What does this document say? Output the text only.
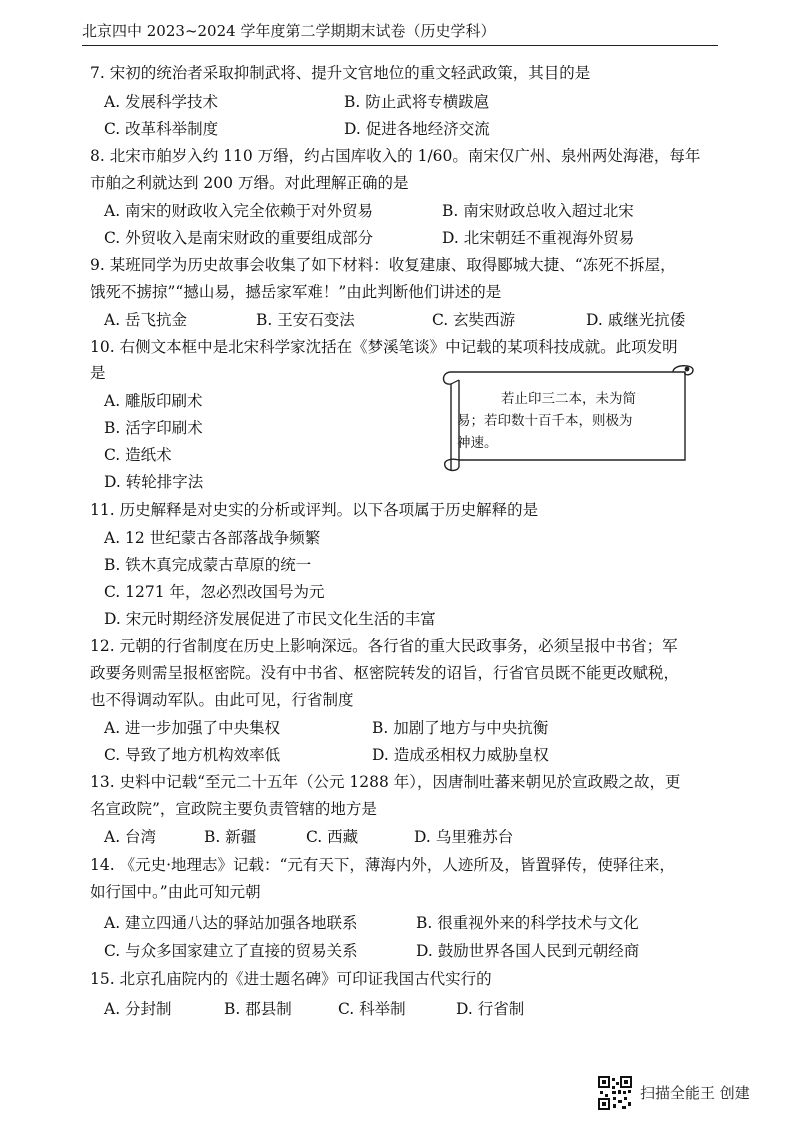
北京四中 2023~2024 学年度第二学期期末试卷（历史学科）
7. 宋初的统治者采取抑制武将、提升文官地位的重文轻武政策，其目的是
A. 发展科学技术	B. 防止武将专横跋扈
C. 改革科举制度	D. 促进各地经济交流
8. 北宋市舶岁入约 110 万缗，约占国库收入的 1/60。南宋仅广州、泉州两处海港，每年
市舶之利就达到 200 万缗。对此理解正确的是
A. 南宋的财政收入完全依赖于对外贸易	B. 南宋财政总收入超过北宋
C. 外贸收入是南宋财政的重要组成部分	D. 北宋朝廷不重视海外贸易
9. 某班同学为历史故事会收集了如下材料：收复建康、取得郾城大捷、“冻死不拆屋，
饿死不掳掠”“撼山易，撼岳家军难！”由此判断他们讲述的是
A. 岳飞抗金	B. 王安石变法	C. 玄奘西游	D. 戚继光抗倭
10. 右侧文本框中是北宋科学家沈括在《梦溪笔谈》中记载的某项科技成就。此项发明
是
A. 雕版印刷术
B. 活字印刷术
C. 造纸术
D. 转轮排字法
若止印三二本，未为简
易；若印数十百千本，则极为
神速。
11. 历史解释是对史实的分析或评判。以下各项属于历史解释的是
A. 12 世纪蒙古各部落战争频繁
B. 铁木真完成蒙古草原的统一
C. 1271 年，忽必烈改国号为元
D. 宋元时期经济发展促进了市民文化生活的丰富
12. 元朝的行省制度在历史上影响深远。各行省的重大民政事务，必须呈报中书省；军
政要务则需呈报枢密院。没有中书省、枢密院转发的诏旨，行省官员既不能更改赋税，
也不得调动军队。由此可见，行省制度
A. 进一步加强了中央集权	B. 加剧了地方与中央抗衡
C. 导致了地方机构效率低	D. 造成丞相权力威胁皇权
13. 史料中记载“至元二十五年（公元 1288 年），因唐制吐蕃来朝见於宣政殿之故，更
名宣政院”，宣政院主要负责管辖的地方是
A. 台湾	B. 新疆	C. 西藏	D. 乌里雅苏台
14. 《元史·地理志》记载：“元有天下，薄海内外，人迹所及，皆置驿传，使驿往来，
如行国中。”由此可知元朝
A. 建立四通八达的驿站加强各地联系	B. 很重视外来的科学技术与文化
C. 与众多国家建立了直接的贸易关系	D. 鼓励世界各国人民到元朝经商
15. 北京孔庙院内的《进士题名碑》可印证我国古代实行的
A. 分封制	B. 郡县制	C. 科举制	D. 行省制
扫描全能王 创建
